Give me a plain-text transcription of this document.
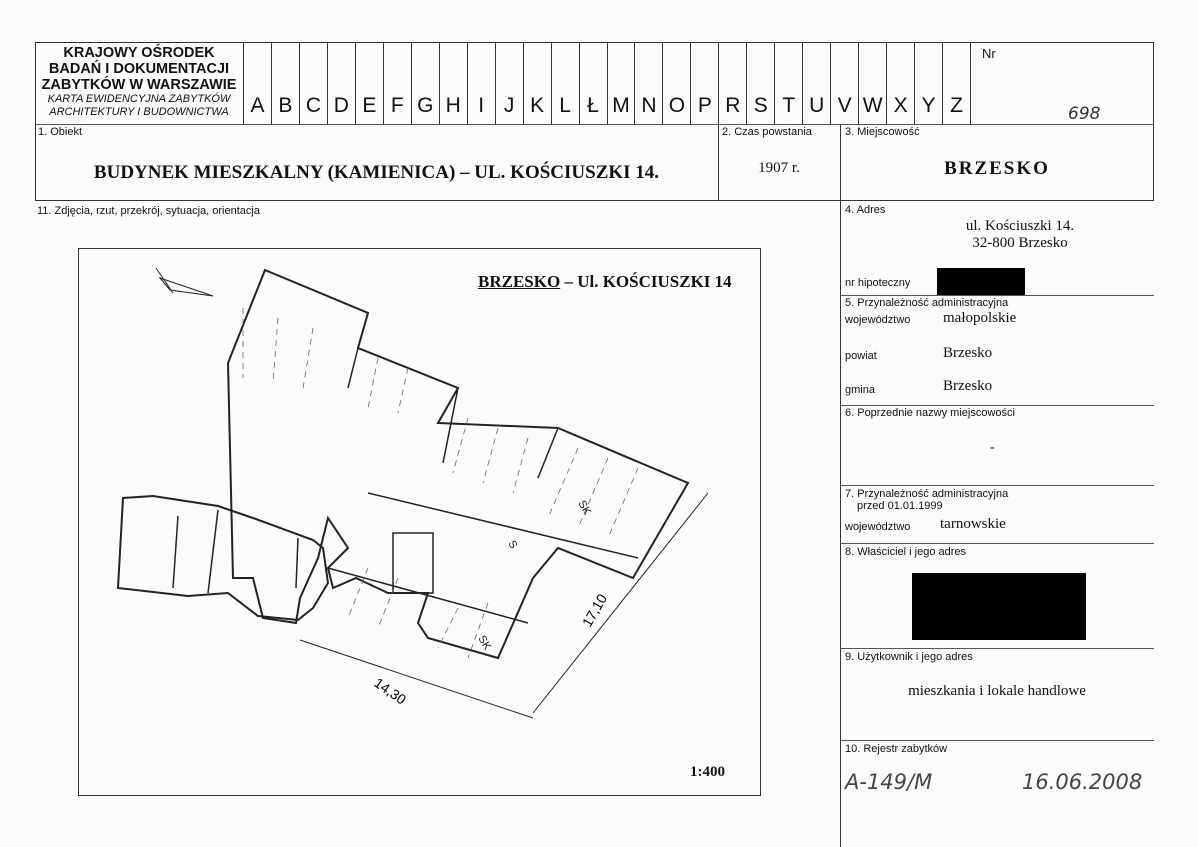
KRAJOWY OŚRODEK
BADAŃ I DOKUMENTACJI
ZABYTKÓW W WARSZAWIE
KARTA EWIDENCYJNA ZABYTKÓW
ARCHITEKTURY I BUDOWNICTWA	A B C D E F G H I J K L Ł M N O P R S T U V W X Y Z
Nr
698
1. Obiekt
BUDYNEK MIESZKALNY (KAMIENICA) – UL. KOŚCIUSZKI 14.
2. Czas powstania
1907 r.
3. Miejscowość
BRZESKO
11. Zdjęcia, rzut, przekrój, sytuacja, orientacja
BRZESKO – Ul. KOŚCIUSZKI 14
SK
S
SK
14,30
17,10
1:400
4. Adres
ul. Kościuszki 14.
32-800 Brzesko
nr hipoteczny
5. Przynależność administracyjna
województwo małopolskie
powiat	Brzesko
gmina	Brzesko
6. Poprzednie nazwy miejscowości
-
7. Przynależność administracyjna
przed 01.01.1999
województwo tarnowskie
8. Właściciel i jego adres
9. Użytkownik i jego adres
mieszkania i lokale handlowe
10. Rejestr zabytków
A-149/M	16.06.2008
